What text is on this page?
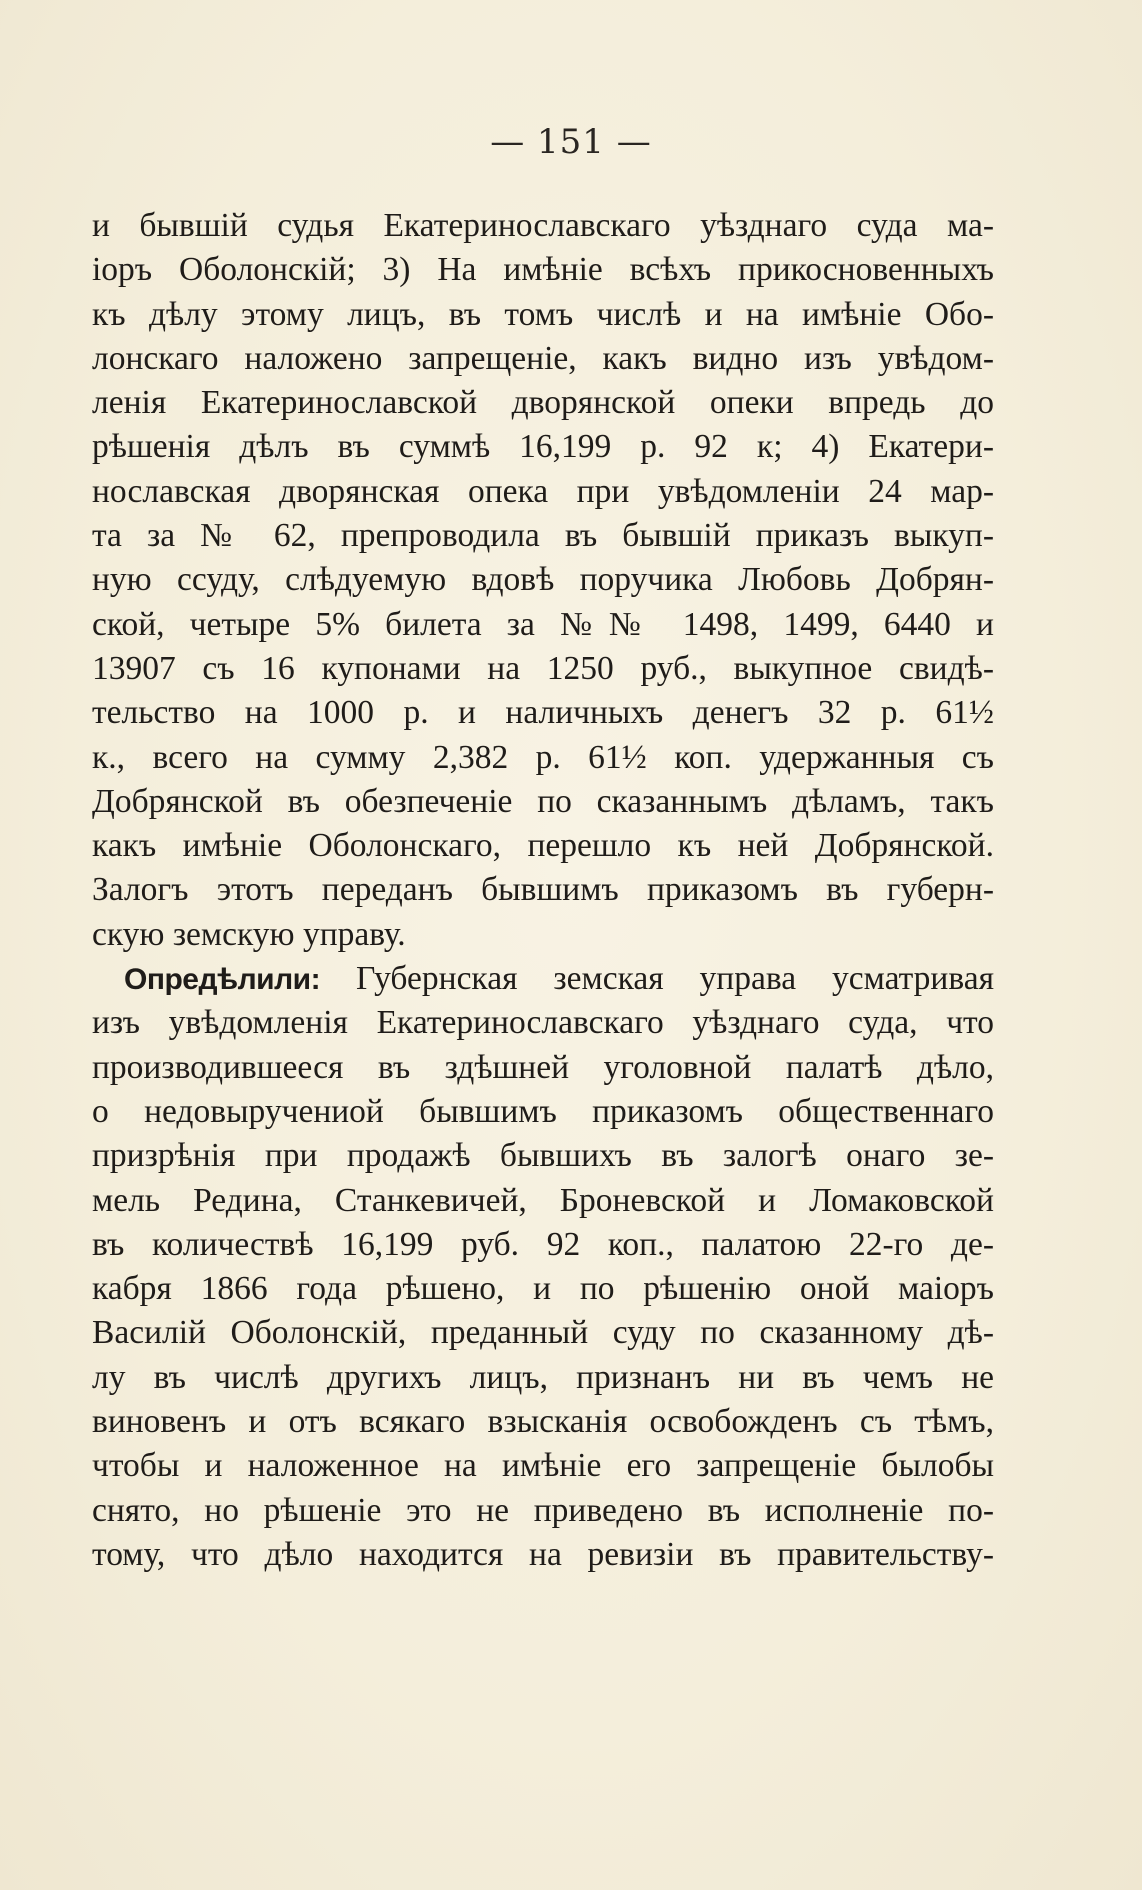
— 151 —
и бывшій судья Екатеринославскаго уѣзднаго суда ма-
іоръ Оболонскій; 3) На имѣніе всѣхъ прикосновенныхъ
къ дѣлу этому лицъ, въ томъ числѣ и на имѣніе Обо-
лонскаго наложено запрещеніе, какъ видно изъ увѣдом-
ленія Екатеринославской дворянской опеки впредь до
рѣшенія дѣлъ въ суммѣ 16,199 р. 92 к; 4) Екатери-
нославская дворянская опека при увѣдомленіи 24 мар-
та за № 62, препроводила въ бывшій приказъ выкуп-
ную ссуду, слѣдуемую вдовѣ поручика Любовь Добрян-
ской, четыре 5% билета за №№ 1498, 1499, 6440 и
13907 съ 16 купонами на 1250 руб., выкупное свидѣ-
тельство на 1000 р. и наличныхъ денегъ 32 р. 61½
к., всего на сумму 2,382 р. 61½ коп. удержанныя съ
Добрянской въ обезпеченіе по сказаннымъ дѣламъ, такъ
какъ имѣніе Оболонскаго, перешло къ ней Добрянской.
Залогъ этотъ переданъ бывшимъ приказомъ въ губерн-
скую земскую управу.
Опредѣлили: Губернская земская управа усматривая
изъ увѣдомленія Екатеринославскаго уѣзднаго суда, что
производившееся въ здѣшней уголовной палатѣ дѣло,
о недовыручениой бывшимъ приказомъ общественнаго
призрѣнія при продажѣ бывшихъ въ залогѣ онаго зе-
мель Редина, Станкевичей, Броневской и Ломаковской
въ количествѣ 16,199 руб. 92 коп., палатою 22-го де-
кабря 1866 года рѣшено, и по рѣшенію оной маіоръ
Василій Оболонскій, преданный суду по сказанному дѣ-
лу въ числѣ другихъ лицъ, признанъ ни въ чемъ не
виновенъ и отъ всякаго взысканія освобожденъ съ тѣмъ,
чтобы и наложенное на имѣніе его запрещеніе былобы
снято, но рѣшеніе это не приведено въ исполненіе по-
тому, что дѣло находится на ревизіи въ правительству-
